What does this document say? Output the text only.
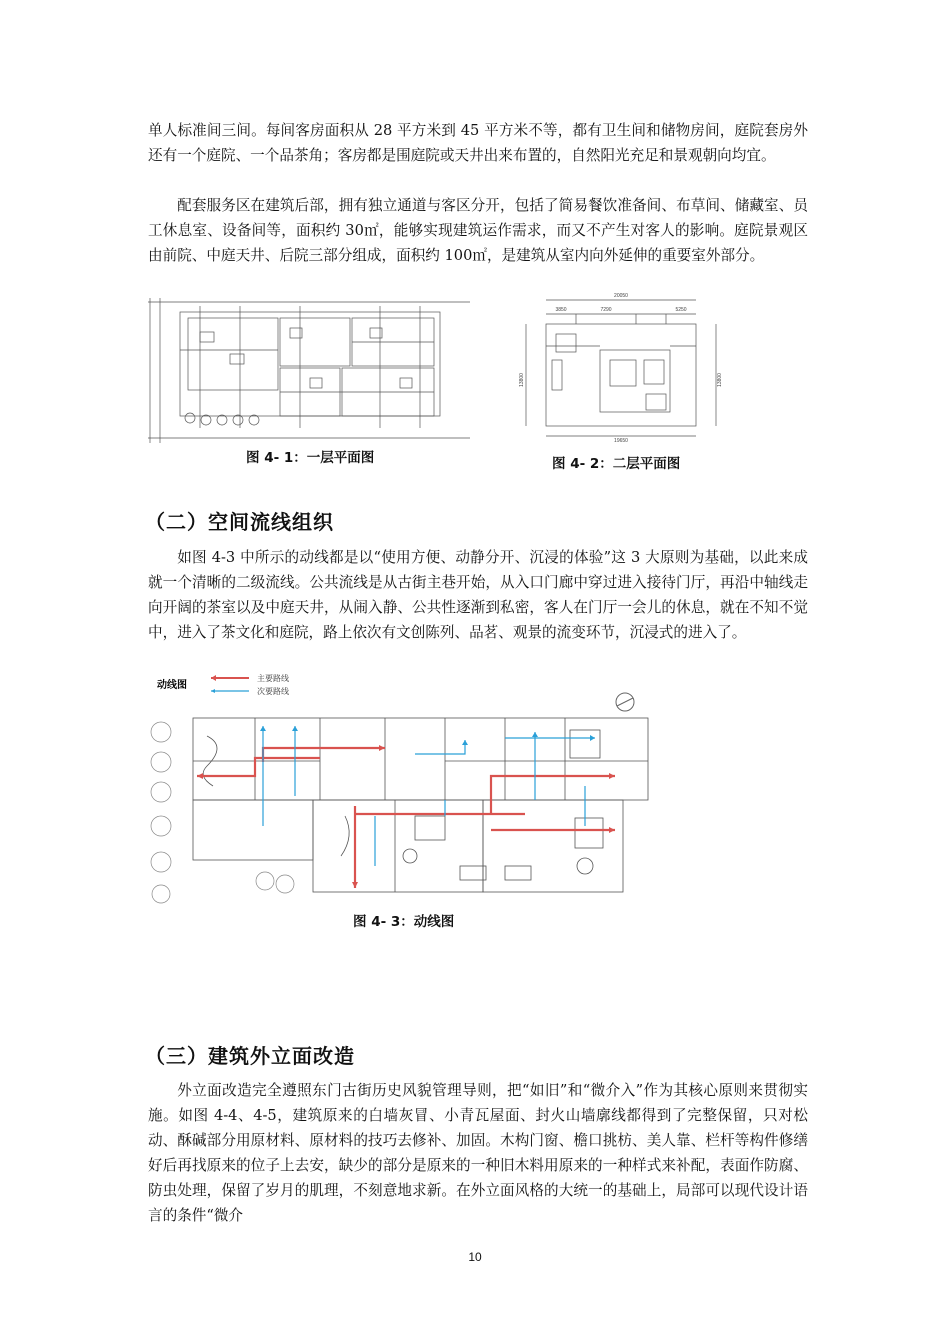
单人标准间三间。每间客房面积从 28 平方米到 45 平方米不等，都有卫生间和储物房间，庭院套房外还有一个庭院、一个品茶角；客房都是围庭院或天井出来布置的，自然阳光充足和景观朝向均宜。

配套服务区在建筑后部，拥有独立通道与客区分开，包括了简易餐饮准备间、布草间、储藏室、员工休息室、设备间等，面积约 30㎡，能够实现建筑运作需求，而又不产生对客人的影响。庭院景观区由前院、中庭天井、后院三部分组成，面积约 100㎡，是建筑从室内向外延伸的重要室外部分。

图 4- 1：一层平面图

20050
3850	7290	5250
19650
13800	13800

图 4- 2：二层平面图

（二）空间流线组织

如图 4-3 中所示的动线都是以“使用方便、动静分开、沉浸的体验”这 3 大原则为基础，以此来成就一个清晰的二级流线。公共流线是从古街主巷开始，从入口门廊中穿过进入接待门厅，再沿中轴线走向开阔的茶室以及中庭天井，从闹入静、公共性逐渐到私密，客人在门厅一会儿的休息，就在不知不觉中，进入了茶文化和庭院，路上依次有文创陈列、品茗、观景的流变环节，沉浸式的进入了。

动线图
主要路线
次要路线

图 4- 3：动线图

（三）建筑外立面改造

外立面改造完全遵照东门古街历史风貌管理导则，把“如旧”和“微介入”作为其核心原则来贯彻实施。如图 4-4、4-5，建筑原来的白墙灰冒、小青瓦屋面、封火山墙廓线都得到了完整保留，只对松动、酥碱部分用原材料、原材料的技巧去修补、加固。木构门窗、檐口挑枋、美人靠、栏杆等构件修缮好后再找原来的位子上去安，缺少的部分是原来的一种旧木料用原来的一种样式来补配，表面作防腐、防虫处理，保留了岁月的肌理，不刻意地求新。在外立面风格的大统一的基础上，局部可以现代设计语言的条件“微介

10
